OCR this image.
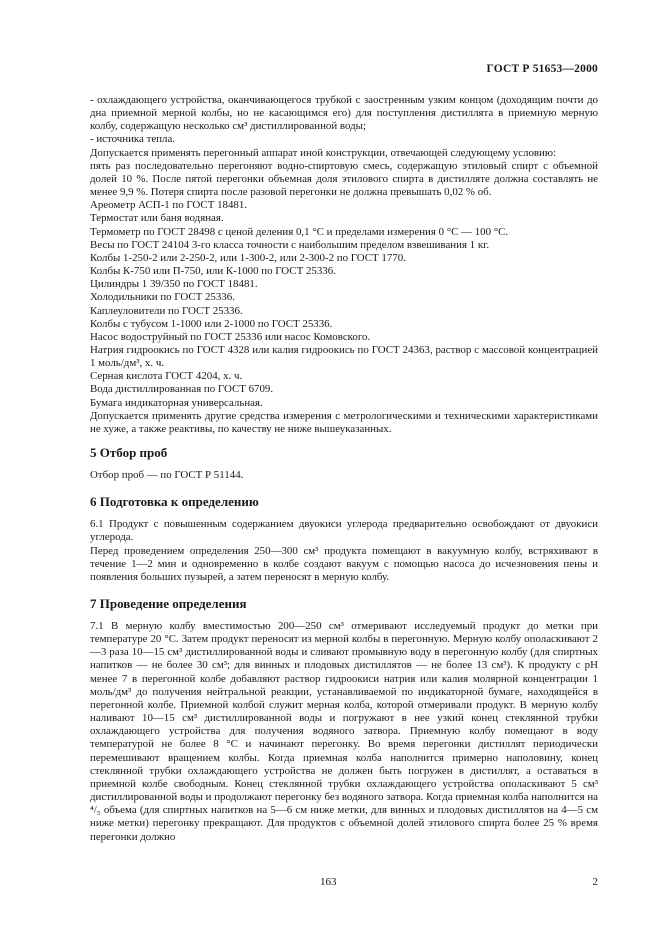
ГОСТ Р 51653—2000

- охлаждающего устройства, оканчивающегося трубкой с заостренным узким концом (доходящим почти до дна приемной мерной колбы, но не касающимся его) для поступления дистиллята в приемную мерную колбу, содержащую несколько см³ дистиллированной воды;

- источника тепла.

Допускается применять перегонный аппарат иной конструкции, отвечающей следующему условию:

пять раз последовательно перегоняют водно-спиртовую смесь, содержащую этиловый спирт с объемной долей 10 %. После пятой перегонки объемная доля этилового спирта в дистилляте должна составлять не менее 9,9 %. Потеря спирта после разовой перегонки не должна превышать 0,02 % об.

Ареометр АСП-1 по ГОСТ 18481.

Термостат или баня водяная.

Термометр по ГОСТ 28498 с ценой деления 0,1 °С и пределами измерения 0 °С — 100 °С.

Весы по ГОСТ 24104 3-го класса точности с наибольшим пределом взвешивания 1 кг.

Колбы 1-250-2 или 2-250-2, или 1-300-2, или 2-300-2 по ГОСТ 1770.

Колбы К-750 или П-750, или К-1000 по ГОСТ 25336.

Цилиндры 1 39/350 по ГОСТ 18481.

Холодильники по ГОСТ 25336.

Каплеуловители по ГОСТ 25336.

Колбы с тубусом 1-1000 или 2-1000 по ГОСТ 25336.

Насос водоструйный по ГОСТ 25336 или насос Комовского.

Натрия гидроокись по ГОСТ 4328 или калия гидроокись по ГОСТ 24363, раствор с массовой концентрацией 1 моль/дм³, х. ч.

Серная кислота ГОСТ 4204, х. ч.

Вода дистиллированная по ГОСТ 6709.

Бумага индикаторная универсальная.

Допускается применять другие средства измерения с метрологическими и техническими характеристиками не хуже, а также реактивы, по качеству не ниже вышеуказанных.

5 Отбор проб

Отбор проб — по ГОСТ Р 51144.

6 Подготовка к определению

6.1 Продукт с повышенным содержанием двуокиси углерода предварительно освобождают от двуокиси углерода.

Перед проведением определения 250—300 см³ продукта помещают в вакуумную колбу, встряхивают в течение 1—2 мин и одновременно в колбе создают вакуум с помощью насоса до исчезновения пены и появления больших пузырей, а затем переносят в мерную колбу.

7 Проведение определения

7.1 В мерную колбу вместимостью 200—250 см³ отмеривают исследуемый продукт до метки при температуре 20 °С. Затем продукт переносят из мерной колбы в перегонную. Мерную колбу ополаскивают 2—3 раза 10—15 см³ дистиллированной воды и сливают промывную воду в перегонную колбу (для спиртных напитков — не более 30 см³; для винных и плодовых дистиллятов — не более 13 см³). К продукту с рН менее 7 в перегонной колбе добавляют раствор гидроокиси натрия или калия молярной концентрации 1 моль/дм³ до получения нейтральной реакции, устанавливаемой по индикаторной бумаге, находящейся в перегонной колбе. Приемной колбой служит мерная колба, которой отмеривали продукт. В мерную колбу наливают 10—15 см³ дистиллированной воды и погружают в нее узкий конец стеклянной трубки охлаждающего устройства для получения водяного затвора. Приемную колбу помещают в воду температурой не более 8 °С и начинают перегонку. Во время перегонки дистиллят периодически перемешивают вращением колбы. Когда приемная колба наполнится примерно наполовину, конец стеклянной трубки охлаждающего устройства не должен быть погружен в дистиллят, а оставаться в приемной колбе свободным. Конец стеклянной трубки охлаждающего устройства ополаскивают 5 см³ дистиллированной воды и продолжают перегонку без водяного затвора. Когда приемная колба наполнится на ⁴/₅ объема (для спиртных напитков на 5—6 см ниже метки, для винных и плодовых дистиллятов на 4—5 см ниже метки) перегонку прекращают. Для продуктов с объемной долей этилового спирта более 25 % время перегонки должно

163	2
